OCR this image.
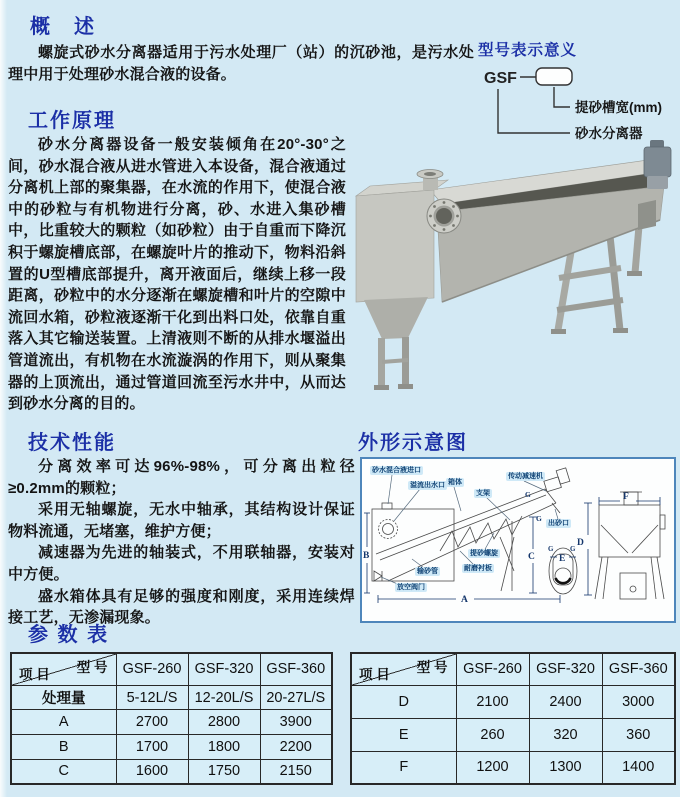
概　述

螺旋式砂水分离器适用于污水处理厂（站）的沉砂池，是污水处理中用于处理砂水混合液的设备。

型号表示意义
GSF
提砂槽宽(mm)
砂水分离器
工作原理

砂水分离器设备一般安装倾角在20°-30°之间，砂水混合液从进水管进入本设备，混合液通过分离机上部的聚集器，在水流的作用下，使混合液中的砂粒与有机物进行分离，砂、水进入集砂槽中，比重较大的颗粒（如砂粒）由于自重而下降沉积于螺旋槽底部，在螺旋叶片的推动下，物料沿斜置的U型槽底部提升，离开液面后，继续上移一段距离，砂粒中的水分逐渐在螺旋槽和叶片的空隙中流回水箱，砂粒液逐渐干化到出料口处，依靠自重落入其它输送装置。上清液则不断的从排水堰溢出管道流出，有机物在水流漩涡的作用下，则从聚集器的上顶流出，通过管道回流至污水井中，从而达到砂水分离的目的。

技术性能

分离效率可达96%-98%，可分离出粒径≥0.2mm的颗粒；

采用无轴螺旋，无水中轴承，其结构设计保证物料流通，无堵塞，维护方便；

减速器为先进的轴装式，不用联轴器，安装对中方便。

盛水箱体具有足够的强度和刚度，采用连续焊接工艺，无渗漏现象。

外形示意图
A
B	C
D
E
F
G
G
G G
砂水混合液进口
溢流出水口 箱体
支架
传动减速机
出砂口
提砂螺旋
耐磨衬板
输砂管
放空阀门
参 数 表
型 号
项 目	GSF-260	GSF-320	GSF-360
处理量	5-12L/S	12-20L/S	20-27L/S
A	2700	2800	3900
B	1700	1800	2200
C	1600	1750	2150
型 号
项 目	GSF-260	GSF-320	GSF-360
D	2100	2400	3000
E	260	320	360
F	1200	1300	1400
